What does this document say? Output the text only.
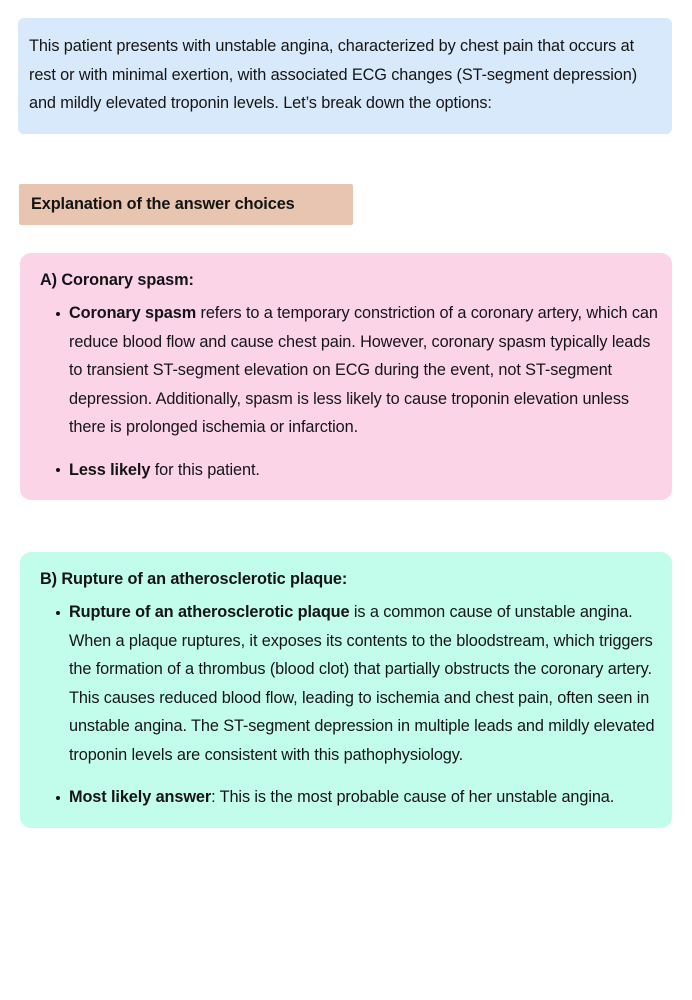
This patient presents with unstable angina, characterized by chest pain that occurs at rest or with minimal exertion, with associated ECG changes (ST-segment depression) and mildly elevated troponin levels. Let’s break down the options:

Explanation of the answer choices
A) Coronary spasm:
Coronary spasm refers to a temporary constriction of a coronary artery, which can reduce blood flow and cause chest pain. However, coronary spasm typically leads to transient ST-segment elevation on ECG during the event, not ST-segment depression. Additionally, spasm is less likely to cause troponin elevation unless there is prolonged ischemia or infarction.
Less likely for this patient.
B) Rupture of an atherosclerotic plaque:
Rupture of an atherosclerotic plaque is a common cause of unstable angina. When a plaque ruptures, it exposes its contents to the bloodstream, which triggers the formation of a thrombus (blood clot) that partially obstructs the coronary artery. This causes reduced blood flow, leading to ischemia and chest pain, often seen in unstable angina. The ST-segment depression in multiple leads and mildly elevated troponin levels are consistent with this pathophysiology.
Most likely answer: This is the most probable cause of her unstable angina.
